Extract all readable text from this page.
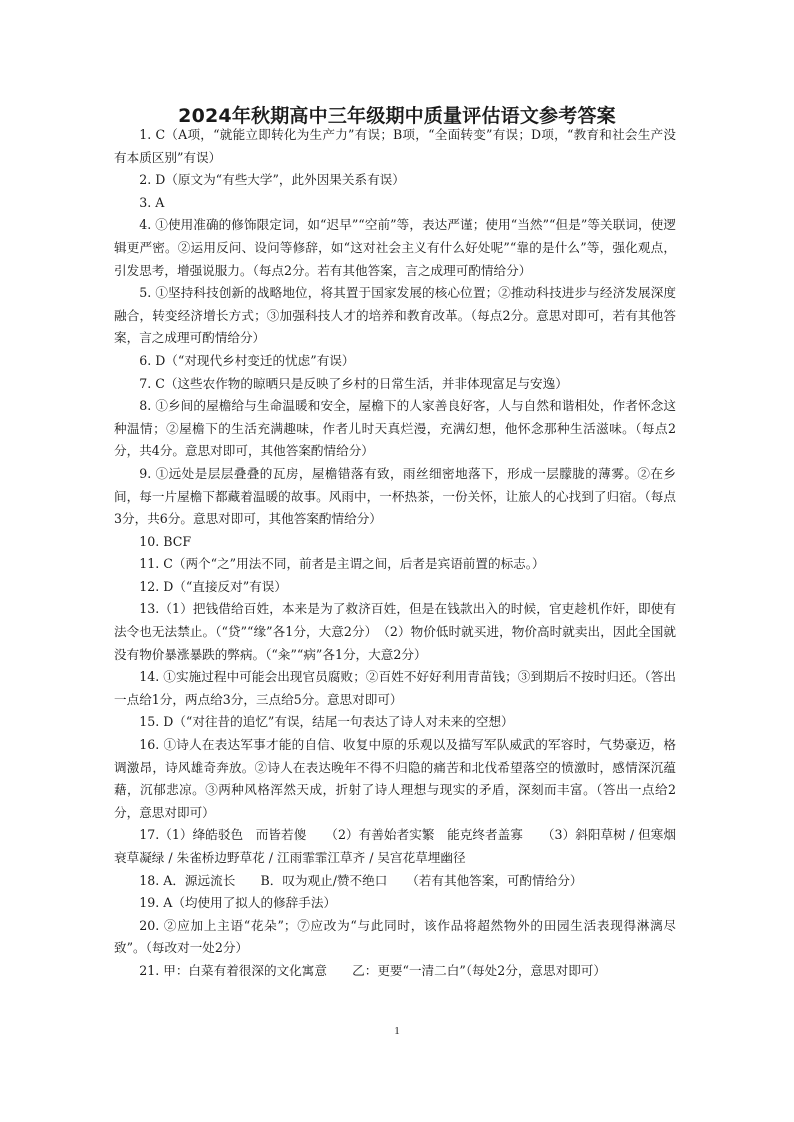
2024年秋期高中三年级期中质量评估语文参考答案

1. C（A项，“就能立即转化为生产力”有误；B项，“全面转变”有误；D项，“教育和社会生产没有本质区别”有误）

2. D（原文为“有些大学”，此外因果关系有误）

3. A

4. ①使用准确的修饰限定词，如“迟早”“空前”等，表达严谨；使用“当然”“但是”等关联词，使逻辑更严密。②运用反问、设问等修辞，如“这对社会主义有什么好处呢”“靠的是什么”等，强化观点，引发思考，增强说服力。（每点2分。若有其他答案，言之成理可酌情给分）

5. ①坚持科技创新的战略地位，将其置于国家发展的核心位置；②推动科技进步与经济发展深度融合，转变经济增长方式；③加强科技人才的培养和教育改革。（每点2分。意思对即可，若有其他答案，言之成理可酌情给分）

6. D（“对现代乡村变迁的忧虑”有误）

7. C（这些农作物的晾晒只是反映了乡村的日常生活，并非体现富足与安逸）

8. ①乡间的屋檐给与生命温暖和安全，屋檐下的人家善良好客，人与自然和谐相处，作者怀念这种温情；②屋檐下的生活充满趣味，作者儿时天真烂漫，充满幻想，他怀念那种生活滋味。（每点2分，共4分。意思对即可，其他答案酌情给分）

9. ①远处是层层叠叠的瓦房，屋檐错落有致，雨丝细密地落下，形成一层朦胧的薄雾。②在乡间，每一片屋檐下都藏着温暖的故事。风雨中，一杯热茶，一份关怀，让旅人的心找到了归宿。（每点3分，共6分。意思对即可，其他答案酌情给分）

10. BCF

11. C（两个“之”用法不同，前者是主谓之间，后者是宾语前置的标志。）

12. D（“直接反对”有误）

13.（1）把钱借给百姓，本来是为了救济百姓，但是在钱款出入的时候，官吏趁机作奸，即使有法令也无法禁止。（“贷”“缘”各1分，大意2分）　（2）物价低时就买进，物价高时就卖出，因此全国就没有物价暴涨暴跌的弊病。（“籴”“病”各1分，大意2分）

14. ①实施过程中可能会出现官员腐败；②百姓不好好利用青苗钱；③到期后不按时归还。（答出一点给1分，两点给3分，三点给5分。意思对即可）

15. D（“对往昔的追忆”有误，结尾一句表达了诗人对未来的空想）

16. ①诗人在表达军事才能的自信、收复中原的乐观以及描写军队威武的军容时，气势豪迈，格调激昂，诗风雄奇奔放。②诗人在表达晚年不得不归隐的痛苦和北伐希望落空的愤激时，感情深沉蕴藉，沉郁悲凉。③两种风格浑然天成，折射了诗人理想与现实的矛盾，深刻而丰富。（答出一点给2分，意思对即可）

17.（1）绛皓驳色　而皆若傻　　（2）有善始者实繁　能克终者盖寡　　（3）斜阳草树 / 但寒烟衰草凝绿 / 朱雀桥边野草花 / 江雨霏霏江草齐 / 吴宫花草埋幽径

18. A．源远流长　　B．叹为观止/赞不绝口　　（若有其他答案，可酌情给分）

19. A（均使用了拟人的修辞手法）

20. ②应加上主语“花朵”；⑦应改为“与此同时，该作品将超然物外的田园生活表现得淋漓尽致”。（每改对一处2分）

21. 甲：白菜有着很深的文化寓意　　乙：更要“一清二白”（每处2分，意思对即可）

1
